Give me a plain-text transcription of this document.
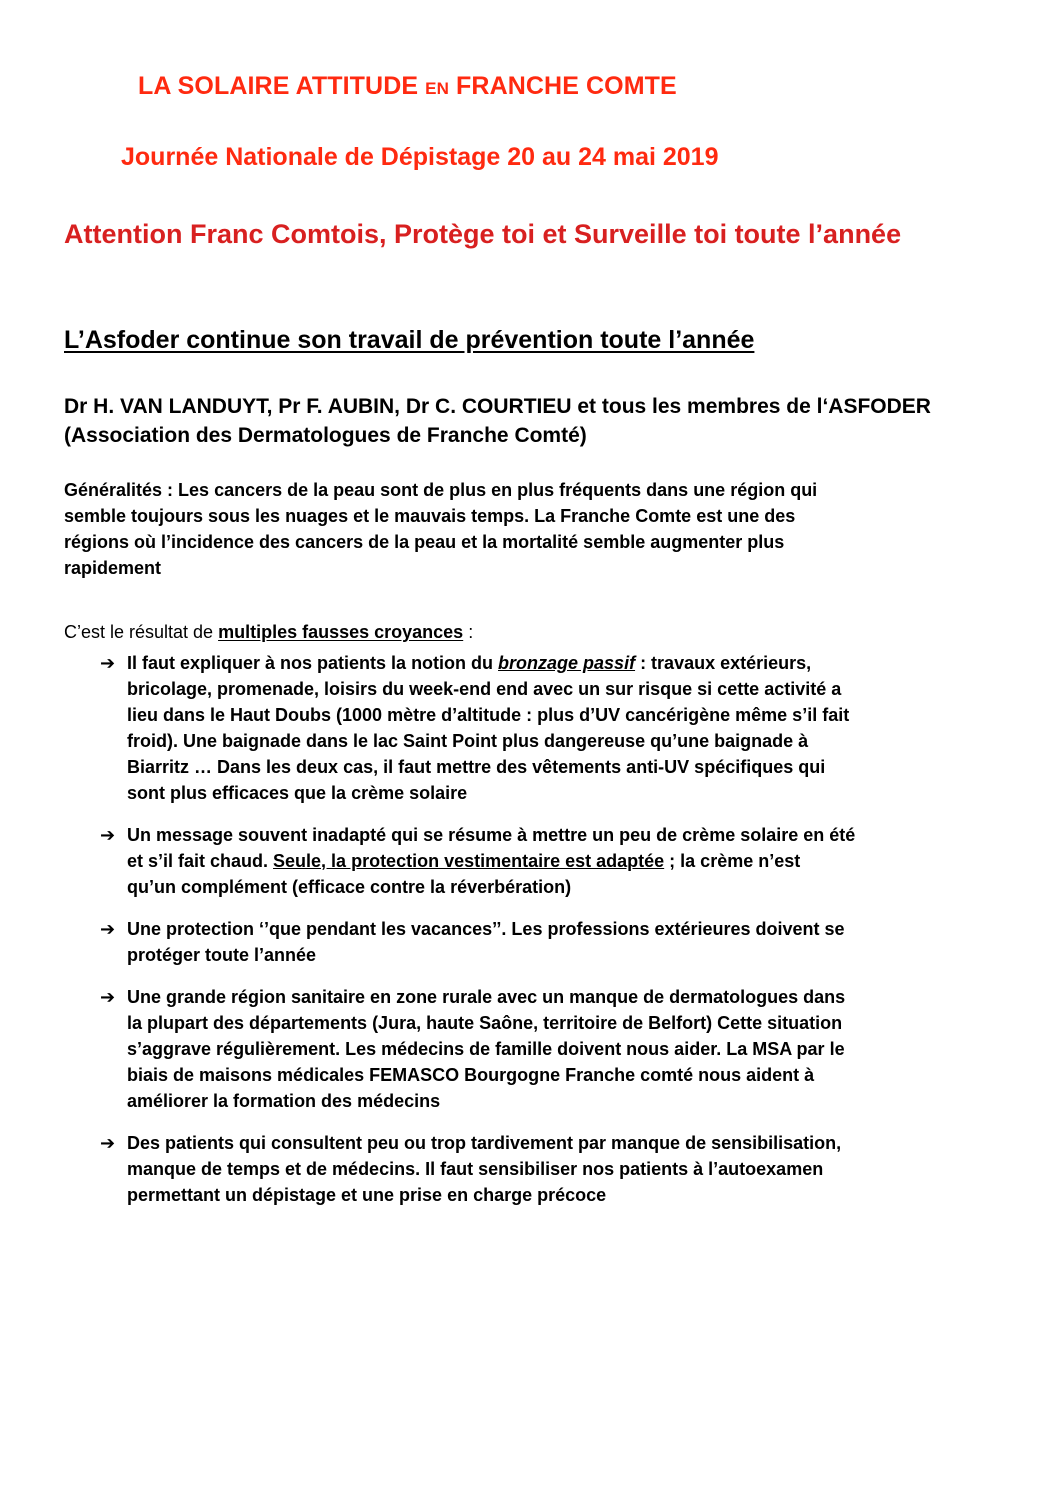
LA SOLAIRE ATTITUDE EN FRANCHE COMTE
Journée Nationale de Dépistage 20 au 24 mai 2019
Attention Franc Comtois, Protège toi et Surveille toi toute l’année
L’Asfoder continue son travail de prévention toute l’année
Dr H. VAN LANDUYT, Pr F. AUBIN, Dr C. COURTIEU et tous les membres de l‘ASFODER (Association des Dermatologues de Franche Comté)
Généralités : Les cancers de la peau sont de plus en plus fréquents dans une région qui
semble toujours sous les nuages et le mauvais temps. La Franche Comte est une des
régions où l’incidence des cancers de la peau et la mortalité semble augmenter plus
rapidement
C’est le résultat de multiples fausses croyances :
➔ Il faut expliquer à nos patients la notion du bronzage passif : travaux extérieurs,
bricolage, promenade, loisirs du week-end end avec un sur risque si cette activité a
lieu dans le Haut Doubs (1000 mètre d’altitude : plus d’UV cancérigène même s’il fait
froid). Une baignade dans le lac Saint Point plus dangereuse qu’une baignade à
Biarritz … Dans les deux cas, il faut mettre des vêtements anti-UV spécifiques qui
sont plus efficaces que la crème solaire
➔ Un message souvent inadapté qui se résume à mettre un peu de crème solaire en été
et s’il fait chaud. Seule, la protection vestimentaire est adaptée ; la crème n’est
qu’un complément (efficace contre la réverbération)
➔ Une protection ‘’que pendant les vacances’’. Les professions extérieures doivent se
protéger toute l’année
➔ Une grande région sanitaire en zone rurale avec un manque de dermatologues dans
la plupart des départements (Jura, haute Saône, territoire de Belfort) Cette situation
s’aggrave régulièrement. Les médecins de famille doivent nous aider. La MSA par le
biais de maisons médicales FEMASCO Bourgogne Franche comté nous aident à
améliorer la formation des médecins
➔ Des patients qui consultent peu ou trop tardivement par manque de sensibilisation,
manque de temps et de médecins. Il faut sensibiliser nos patients à l’autoexamen
permettant un dépistage et une prise en charge précoce
